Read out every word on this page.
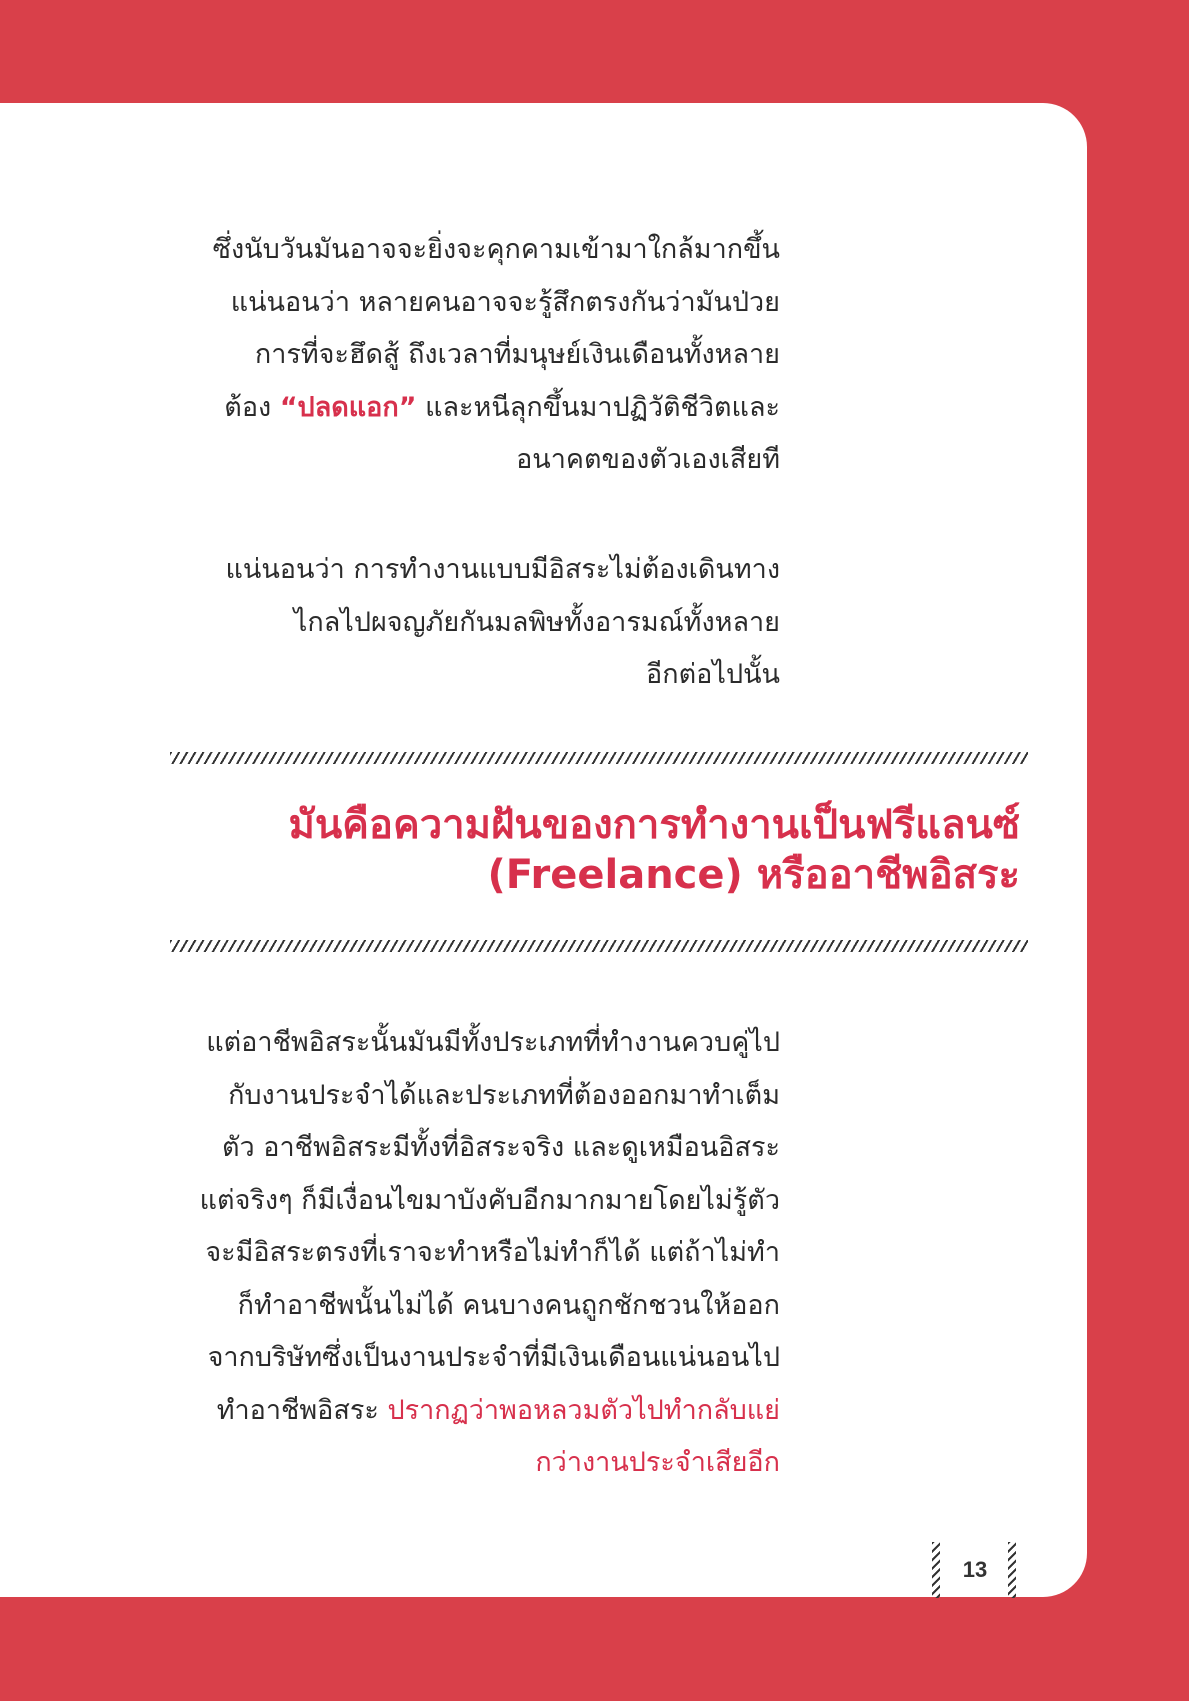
ซึ่งนับวันมันอาจจะยิ่งจะคุกคามเข้ามาใกล้มากขึ้น
แน่นอนว่า หลายคนอาจจะรู้สึกตรงกันว่ามันป่วย
การที่จะฮึดสู้ ถึงเวลาที่มนุษย์เงินเดือนทั้งหลาย
ต้อง “ปลดแอก” และหนีลุกขึ้นมาปฏิวัติชีวิตและ
อนาคตของตัวเองเสียที

แน่นอนว่า การทำงานแบบมีอิสระไม่ต้องเดินทาง
ไกลไปผจญภัยกันมลพิษทั้งอารมณ์ทั้งหลาย
อีกต่อไปนั้น

มันคือความฝันของการทำงานเป็นฟรีแลนซ์
(Freelance) หรืออาชีพอิสระ

แต่อาชีพอิสระนั้นมันมีทั้งประเภทที่ทำงานควบคู่ไป
กับงานประจำได้และประเภทที่ต้องออกมาทำเต็ม
ตัว อาชีพอิสระมีทั้งที่อิสระจริง และดูเหมือนอิสระ
แต่จริงๆ ก็มีเงื่อนไขมาบังคับอีกมากมายโดยไม่รู้ตัว
จะมีอิสระตรงที่เราจะทำหรือไม่ทำก็ได้ แต่ถ้าไม่ทำ
ก็ทำอาชีพนั้นไม่ได้ คนบางคนถูกชักชวนให้ออก
จากบริษัทซึ่งเป็นงานประจำที่มีเงินเดือนแน่นอนไป
ทำอาชีพอิสระ ปรากฏว่าพอหลวมตัวไปทำกลับแย่
กว่างานประจำเสียอีก

13
